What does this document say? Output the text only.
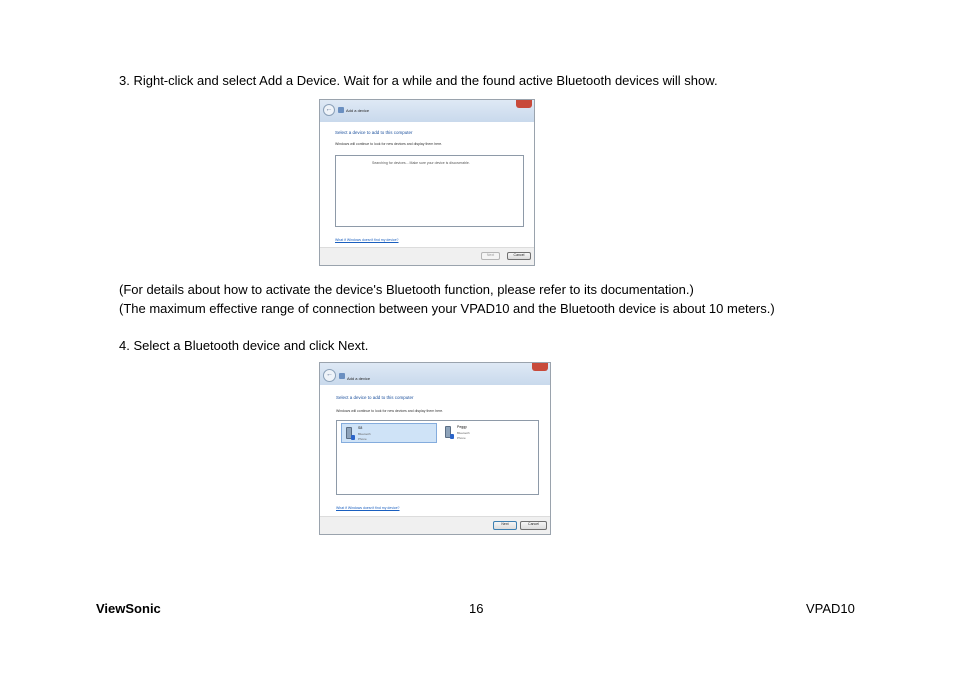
3. Right-click and select Add a Device. Wait for a while and the found active Bluetooth devices will show.
←	Add a device
Select a device to add to this computer
Windows will continue to look for new devices and display them here.
Searching for devices... Make sure your device is discoverable.
What if Windows doesn't find my device?
Next	Cancel
(For details about how to activate the device's Bluetooth function, please refer to its documentation.)
(The maximum effective range of connection between your VPAD10 and the Bluetooth device is about 10 meters.)
4. Select a Bluetooth device and click Next.
←
Add a device
Select a device to add to this computer
Windows will continue to look for new devices and display them here.
S8
Bluetooth
Phone
Peggy
Bluetooth
Phone
What if Windows doesn't find my device?
Next	Cancel
ViewSonic	16	VPAD10
